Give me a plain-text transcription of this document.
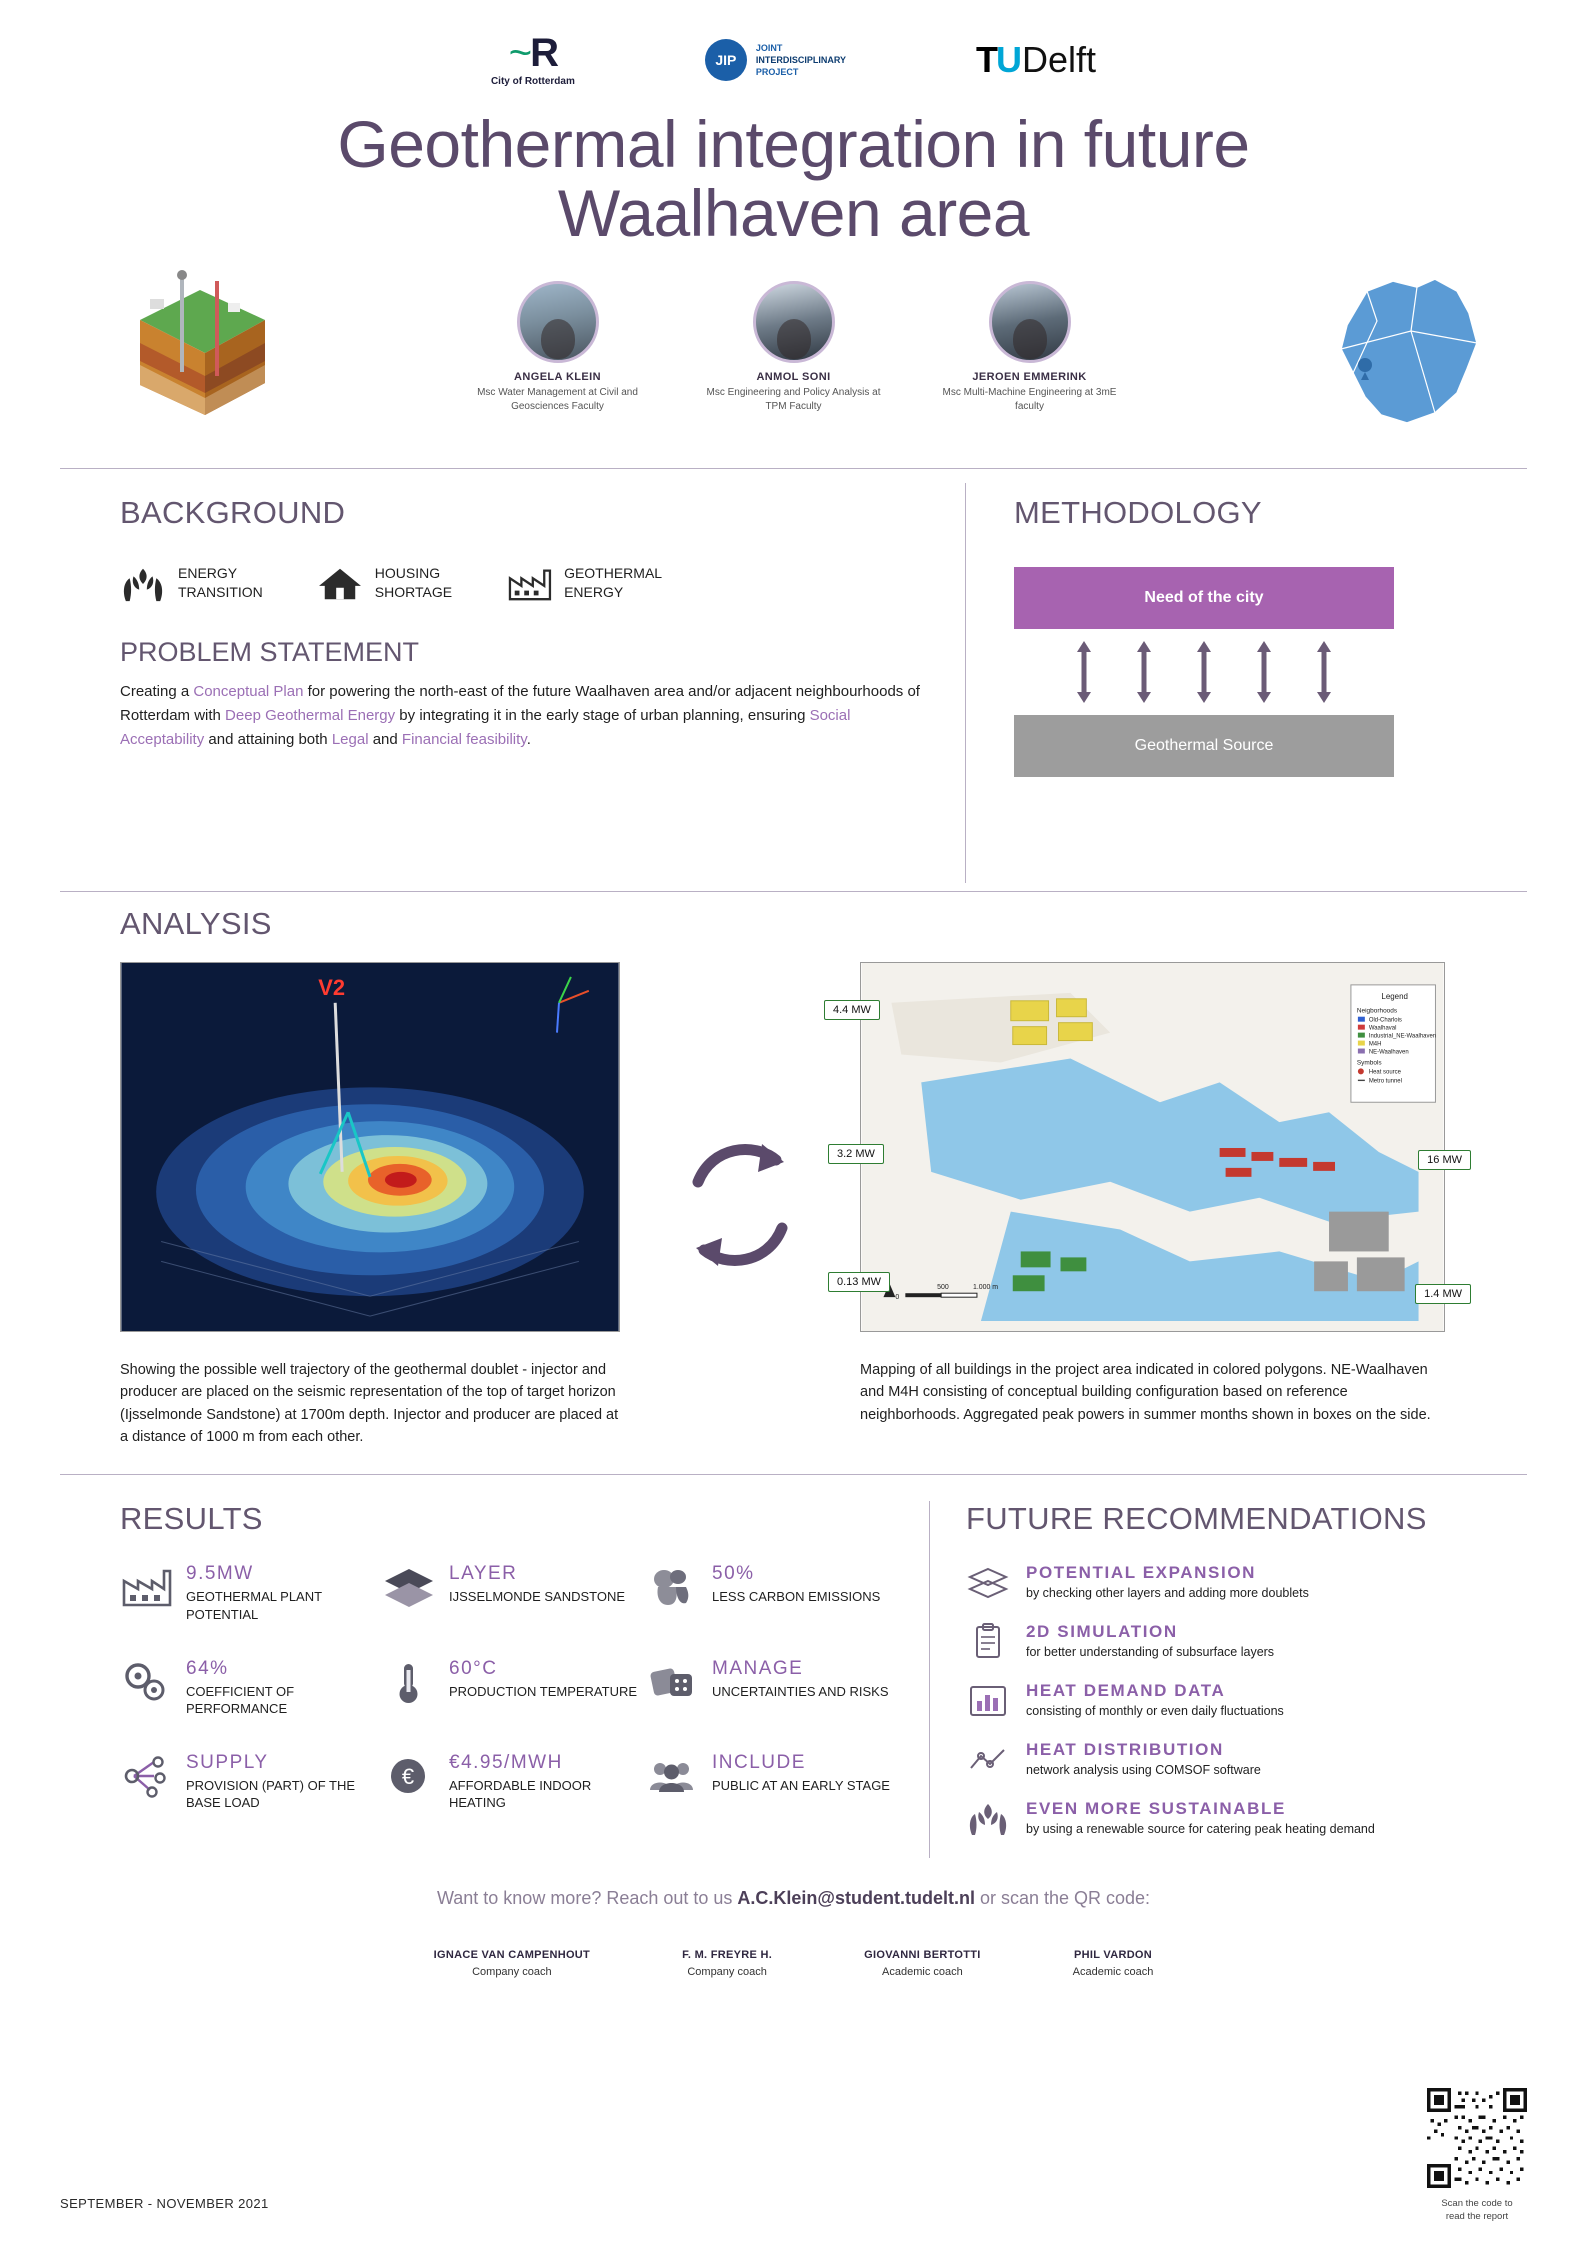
~R
City of Rotterdam
JIP
JOINT
INTERDISCIPLINARY
PROJECT	T U Delft
Geothermal integration in future Waalhaven area
ANGELA KLEIN
Msc Water Management at Civil and Geosciences Faculty
ANMOL SONI
Msc Engineering and Policy Analysis at TPM Faculty
JEROEN EMMERINK
Msc Multi-Machine Engineering at 3mE faculty
BACKGROUND
ENERGY
TRANSITION
HOUSING
SHORTAGE
GEOTHERMAL
ENERGY
PROBLEM STATEMENT

Creating a Conceptual Plan for powering the north-east of the future Waalhaven area and/or adjacent neighbourhoods of Rotterdam with Deep Geothermal Energy by integrating it in the early stage of urban planning, ensuring Social Acceptability and attaining both Legal and Financial feasibility.

METHODOLOGY
Need of the city
Geothermal Source
ANALYSIS
V2
Showing the possible well trajectory of the geothermal doublet - injector and producer are placed on the seismic representation of the top of target horizon (Ijsselmonde Sandstone) at 1700m depth. Injector and producer are placed at a distance of 1000 m from each other.
Legend
Neigborhoods
Old-Charlois
Waalhaval
Industrial_NE-Waalhaven
M4H
NE-Waalhaven
Symbols
Heat source
Metro tunnel
0
500	1.000 m
4.4 MW
3.2 MW
0.13 MW
16 MW
1.4 MW
Mapping of all buildings in the project area indicated in colored polygons. NE-Waalhaven and M4H consisting of conceptual building configuration based on reference neighborhoods. Aggregated peak powers in summer months shown in boxes on the side.
RESULTS
9.5MW
GEOTHERMAL PLANT POTENTIAL
LAYER
IJSSELMONDE SANDSTONE
50%
LESS CARBON EMISSIONS
64%
COEFFICIENT OF PERFORMANCE
60°C
PRODUCTION TEMPERATURE
MANAGE
UNCERTAINTIES AND RISKS
SUPPLY
PROVISION (PART) OF THE BASE LOAD
€
€4.95/MWH
AFFORDABLE INDOOR HEATING
INCLUDE
PUBLIC AT AN EARLY STAGE
FUTURE RECOMMENDATIONS
POTENTIAL EXPANSION
by checking other layers and adding more doublets
2D SIMULATION
for better understanding of subsurface layers
HEAT DEMAND DATA
consisting of monthly or even daily fluctuations
HEAT DISTRIBUTION
network analysis using COMSOF software
EVEN MORE SUSTAINABLE
by using a renewable source for catering peak heating demand
Want to know more? Reach out to us A.C.Klein@student.tudelt.nl or scan the QR code:
IGNACE VAN CAMPENHOUT
Company coach
F. M. FREYRE H.
Company coach
GIOVANNI BERTOTTI
Academic coach
PHIL VARDON
Academic coach
SEPTEMBER - NOVEMBER 2021	Scan the code to
read the report
